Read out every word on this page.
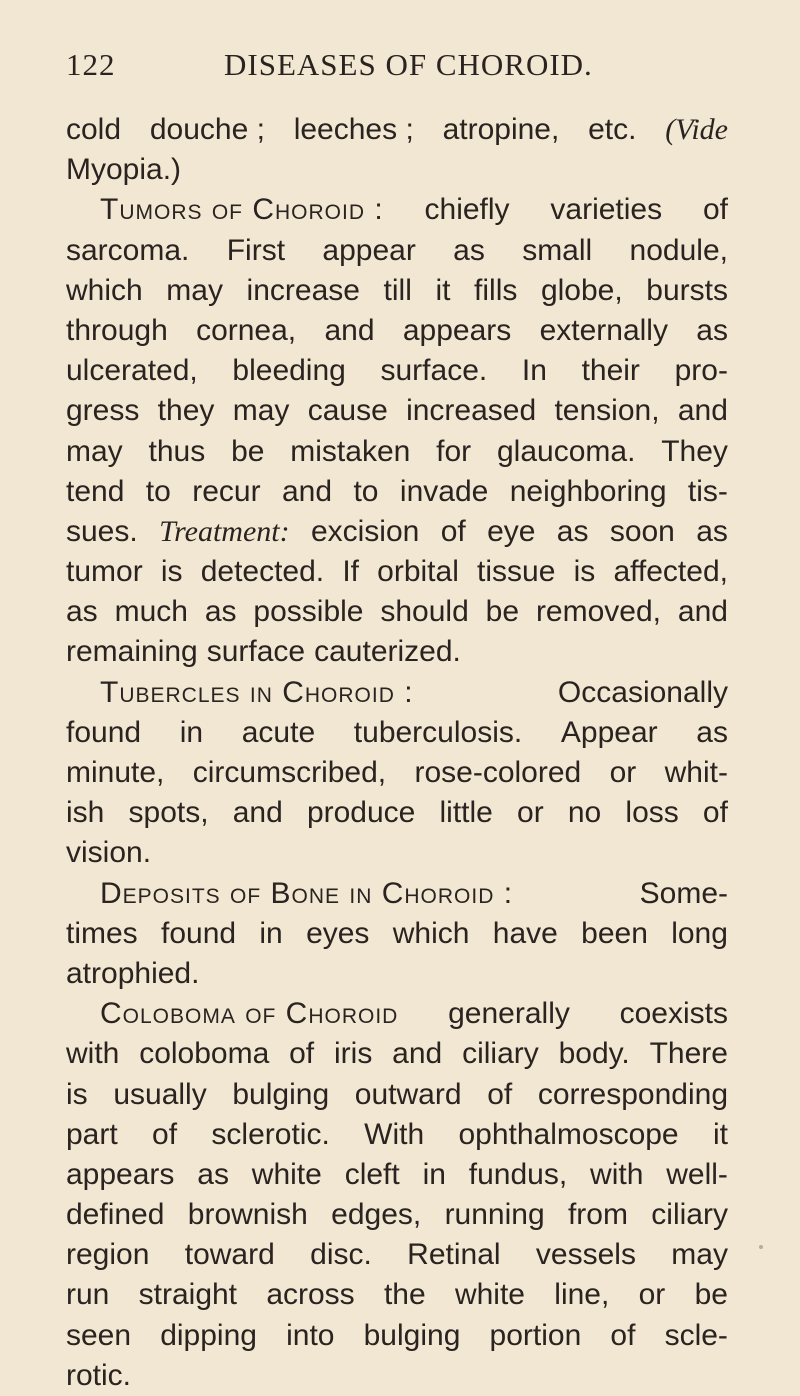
122	DISEASES OF CHOROID.
cold douche ; leeches ; atropine, etc. (Vide
Myopia.)
Tumors of Choroid : chiefly varieties of
sarcoma. First appear as small nodule,
which may increase till it fills globe, bursts
through cornea, and appears externally as
ulcerated, bleeding surface. In their pro-
gress they may cause increased tension, and
may thus be mistaken for glaucoma. They
tend to recur and to invade neighboring tis-
sues. Treatment: excision of eye as soon as
tumor is detected. If orbital tissue is affected,
as much as possible should be removed, and
remaining surface cauterized.
Tubercles in Choroid :	Occasionally
found in acute tuberculosis. Appear as
minute, circumscribed, rose-colored or whit-
ish spots, and produce little or no loss of
vision.
Deposits of Bone in Choroid :	Some-
times found in eyes which have been long
atrophied.
Coloboma of Choroid generally coexists
with coloboma of iris and ciliary body. There
is usually bulging outward of corresponding
part of sclerotic. With ophthalmoscope it
appears as white cleft in fundus, with well-
defined brownish edges, running from ciliary
region toward disc. Retinal vessels may
run straight across the white line, or be
seen dipping into bulging portion of scle-
rotic.
